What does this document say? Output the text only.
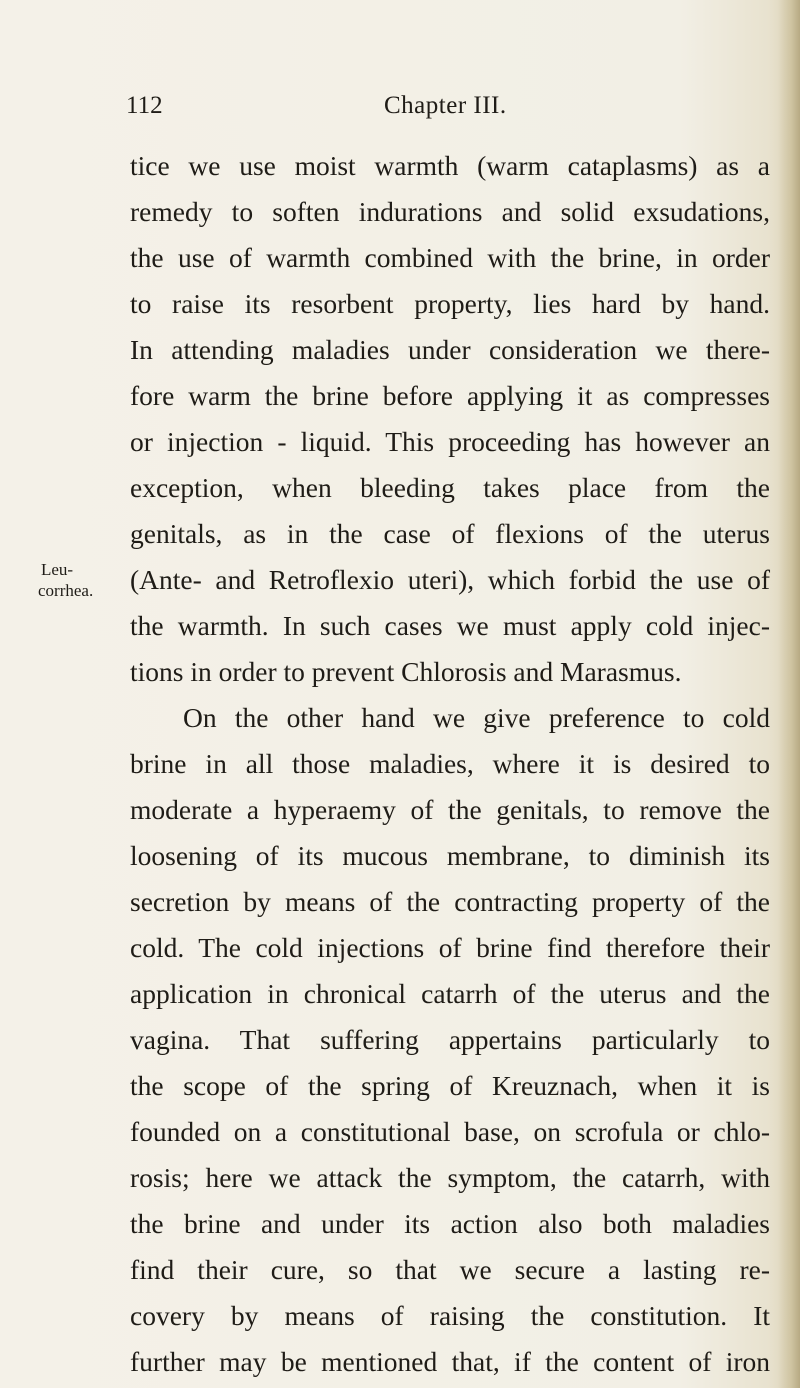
112	Chapter III.
Leu-
corrhea.
tice we use moist warmth (warm cataplasms) as a
remedy to soften indurations and solid exsudations,
the use of warmth combined with the brine, in order
to raise its resorbent property, lies hard by hand.
In attending maladies under consideration we there-
fore warm the brine before applying it as compresses
or injection - liquid. This proceeding has however an
exception, when bleeding takes place from the
genitals, as in the case of flexions of the uterus
(Ante- and Retroflexio uteri), which forbid the use of
the warmth. In such cases we must apply cold injec-
tions in order to prevent Chlorosis and Marasmus.
On the other hand we give preference to cold
brine in all those maladies, where it is desired to
moderate a hyperaemy of the genitals, to remove the
loosening of its mucous membrane, to diminish its
secretion by means of the contracting property of the
cold. The cold injections of brine find therefore their
application in chronical catarrh of the uterus and the
vagina. That suffering appertains particularly to
the scope of the spring of Kreuznach, when it is
founded on a constitutional base, on scrofula or chlo-
rosis; here we attack the symptom, the catarrh, with
the brine and under its action also both maladies
find their cure, so that we secure a lasting re-
covery by means of raising the constitution. It
further may be mentioned that, if the content of iron
